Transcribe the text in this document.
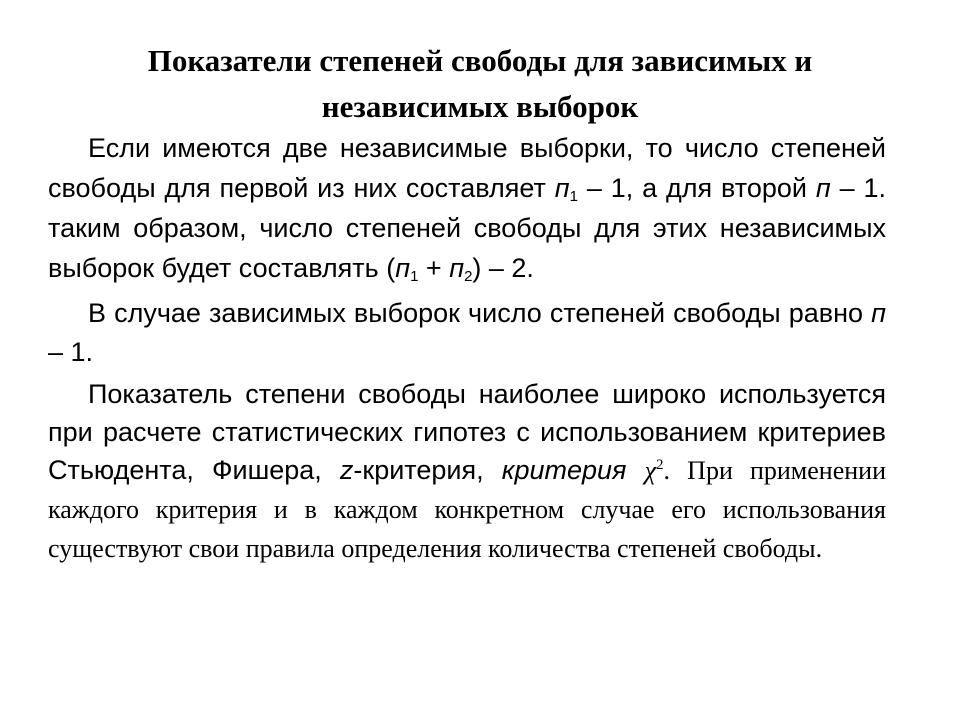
Показатели степеней свободы для зависимых и
независимых выборок

Если имеются две независимые выборки, то число степеней свободы для первой из них составляет $п_1 - 1$, а для второй п – 1. таким образом, число степеней свободы для этих независимых выборок будет составлять $(п_1 + п_2) - 2$.

В случае зависимых выборок число степеней свободы равно п – 1.

Показатель степени свободы наиболее широко используется при расчете статистических гипотез с использованием критериев Стьюдента, Фишера, z-критерия, критерия $\chi^2$. При применении каждого критерия и в каждом конкретном случае его использования существуют свои правила определения количества степеней свободы.
